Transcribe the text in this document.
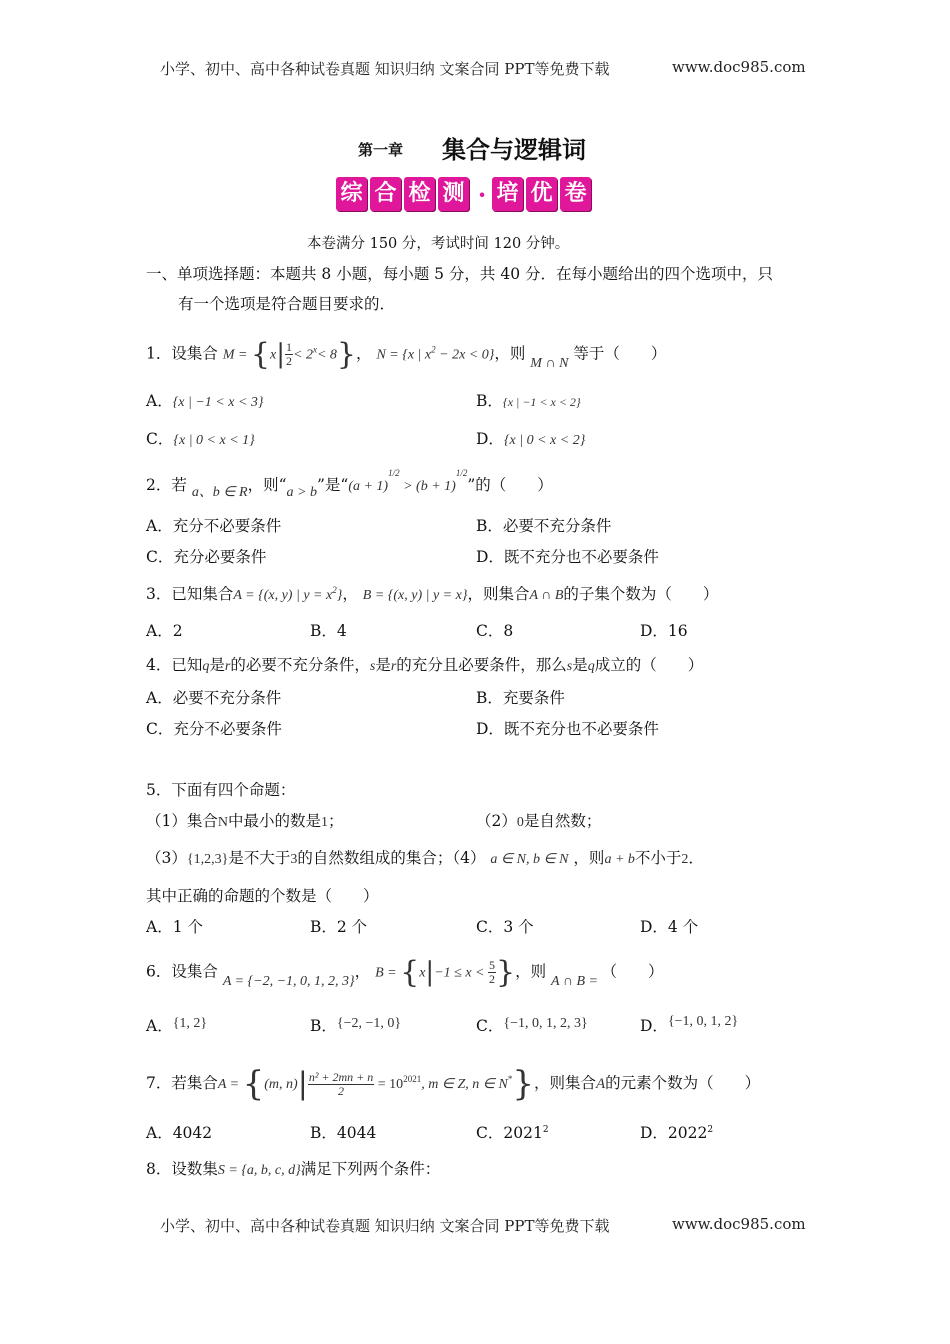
小学、初中、高中各种试卷真题 知识归纳 文案合同 PPT等免费下载	www.doc985.com
第一章 集合与逻辑词
综 合 检 测 · 培 优 卷
本卷满分 150 分，考试时间 120 分钟。
一、单项选择题：本题共 8 小题，每小题 5 分，共 40 分．在每小题给出的四个选项中，只
有一个选项是符合题目要求的．
1．设集合 $M = \{x| \frac{1}{2} < 2^x< 8\}$， N = {x | $x^2 - 2x < 0$}，则 M ∩ N 等于（　　）
A．{x | −1 < x < 3}	B．{x | −1 < x < 2}
C．{x | 0 < x < 1}	D．{x | 0 < x < 2}
2．若 a、b ∈ R，则“a > b”是“$(a + 1)^{1/2} > (b + 1)^{1/2}$”的（　　）
A．充分不必要条件	B．必要不充分条件
C．充分必要条件	D．既不充分也不必要条件
3．已知集合A = {(x, y) | $y = x^2$}， B = {(x, y) | y = x}，则集合A ∩ B的子集个数为（　　）
A．2	B．4	C．8	D．16
4．已知q是r的必要不充分条件，s是r的充分且必要条件，那么s是q成立的（　　）
A．必要不充分条件	B．充要条件
C．充分不必要条件	D．既不充分也不必要条件
5．下面有四个命题：
（1）集合N中最小的数是1；	（2）0是自然数；
（3）{1,2,3}是不大于3的自然数组成的集合；（4） a ∈ N, b ∈ N ，则a + b不小于2．
其中正确的命题的个数是（　　）
A．1 个	B．2 个	C．3 个	D．4 个
6．设集合 A = {−2, −1, 0, 1, 2, 3}， $B = \{x|-1 \le x < \frac{5}{2}$ }，则 A ∩ B = （　　）
A．{1, 2}	B．{−2, −1, 0}	C．{−1, 0, 1, 2, 3}	D．{−1, 0, 1, 2}
7．若集合A = {(m, $n)| \frac{\text{n² + 2mn + n}}{2} = 10^{2021}$, m ∈ Z, n ∈ N*}，则集合A的元素个数为（　　）
A．4042	B．4044	C．2021$^2$	D．2022$^2$
8．设数集S = {a, b, c, d}满足下列两个条件：
小学、初中、高中各种试卷真题 知识归纳 文案合同 PPT等免费下载	www.doc985.com
